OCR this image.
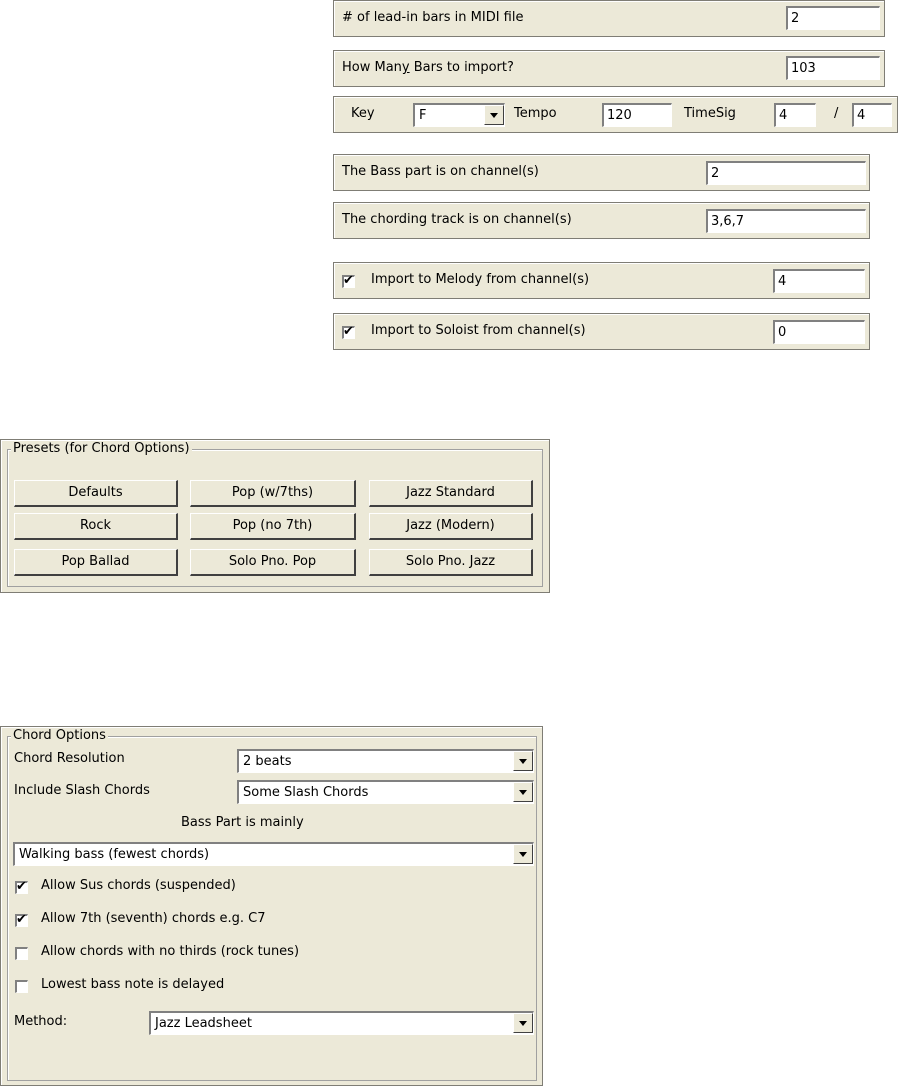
# of lead-in bars in MIDI file	2
How Many Bars to import?	103
Key	F	Tempo	120	TimeSig	4	/	4
The Bass part is on channel(s)	2
The chording track is on channel(s)	3,6,7
✔ Import to Melody from channel(s)	4
✔ Import to Soloist from channel(s)	0
Presets (for Chord Options)
Defaults	Pop (w/7ths)	Jazz Standard
Rock	Pop (no 7th)	Jazz (Modern)
Pop Ballad	Solo Pno. Pop	Solo Pno. Jazz
Chord Options
Chord Resolution	2 beats
Include Slash Chords	Some Slash Chords
Bass Part is mainly
Walking bass (fewest chords)
✔ Allow Sus chords (suspended)
✔ Allow 7th (seventh) chords e.g. C7
Allow chords with no thirds (rock tunes)
Lowest bass note is delayed
Method:	Jazz Leadsheet
